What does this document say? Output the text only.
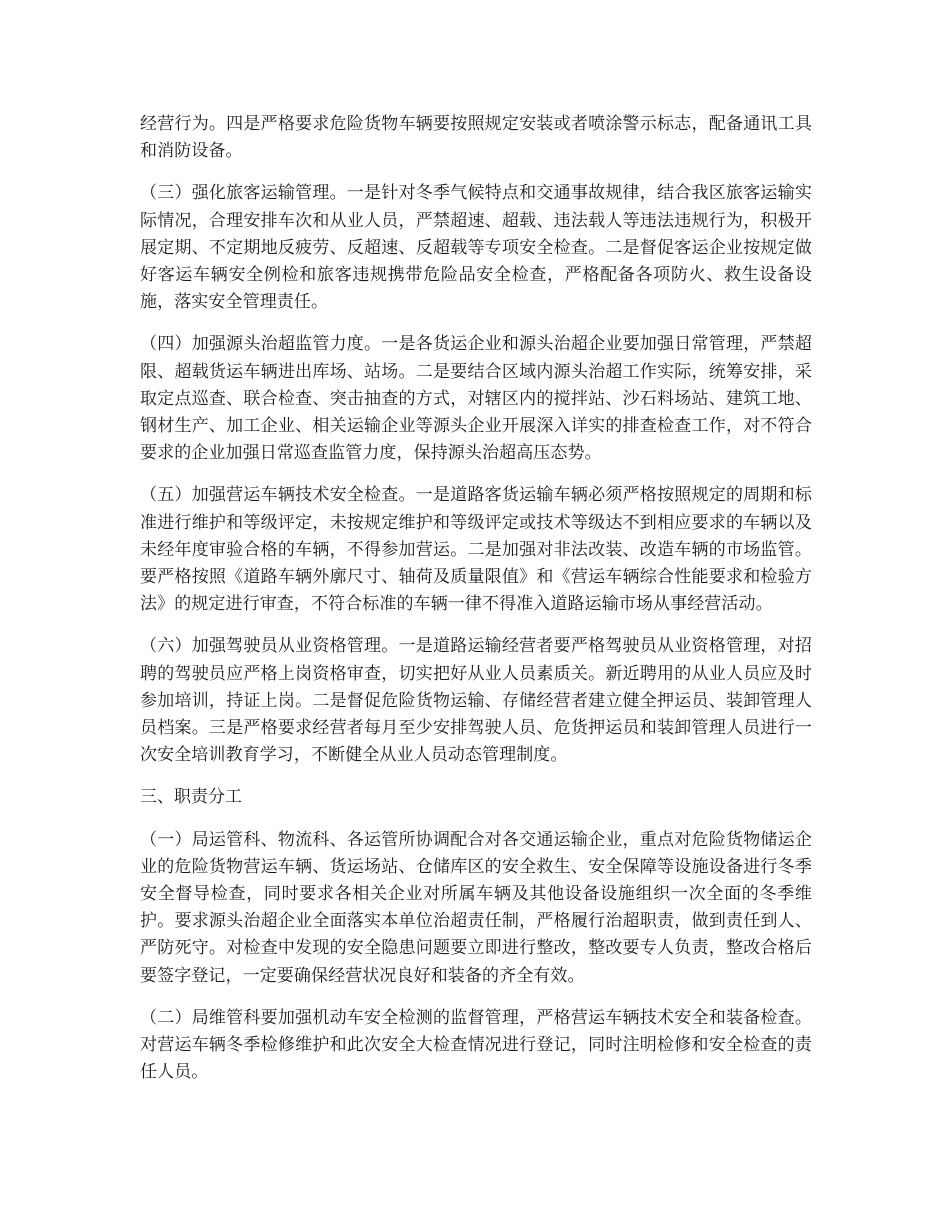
经营行为。四是严格要求危险货物车辆要按照规定安装或者喷涂警示标志，配备通讯工具和消防设备。

（三）强化旅客运输管理。一是针对冬季气候特点和交通事故规律，结合我区旅客运输实际情况，合理安排车次和从业人员，严禁超速、超载、违法载人等违法违规行为，积极开展定期、不定期地反疲劳、反超速、反超载等专项安全检查。二是督促客运企业按规定做好客运车辆安全例检和旅客违规携带危险品安全检查，严格配备各项防火、救生设备设施，落实安全管理责任。

（四）加强源头治超监管力度。一是各货运企业和源头治超企业要加强日常管理，严禁超限、超载货运车辆进出库场、站场。二是要结合区域内源头治超工作实际，统筹安排，采取定点巡查、联合检查、突击抽查的方式，对辖区内的搅拌站、沙石料场站、建筑工地、钢材生产、加工企业、相关运输企业等源头企业开展深入详实的排查检查工作，对不符合要求的企业加强日常巡查监管力度，保持源头治超高压态势。

（五）加强营运车辆技术安全检查。一是道路客货运输车辆必须严格按照规定的周期和标准进行维护和等级评定，未按规定维护和等级评定或技术等级达不到相应要求的车辆以及未经年度审验合格的车辆，不得参加营运。二是加强对非法改装、改造车辆的市场监管。要严格按照《道路车辆外廓尺寸、轴荷及质量限值》和《营运车辆综合性能要求和检验方法》的规定进行审查，不符合标准的车辆一律不得准入道路运输市场从事经营活动。

（六）加强驾驶员从业资格管理。一是道路运输经营者要严格驾驶员从业资格管理，对招聘的驾驶员应严格上岗资格审查，切实把好从业人员素质关。新近聘用的从业人员应及时参加培训，持证上岗。二是督促危险货物运输、存储经营者建立健全押运员、装卸管理人员档案。三是严格要求经营者每月至少安排驾驶人员、危货押运员和装卸管理人员进行一次安全培训教育学习，不断健全从业人员动态管理制度。

三、职责分工

（一）局运管科、物流科、各运管所协调配合对各交通运输企业，重点对危险货物储运企业的危险货物营运车辆、货运场站、仓储库区的安全救生、安全保障等设施设备进行冬季安全督导检查，同时要求各相关企业对所属车辆及其他设备设施组织一次全面的冬季维护。要求源头治超企业全面落实本单位治超责任制，严格履行治超职责，做到责任到人、严防死守。对检查中发现的安全隐患问题要立即进行整改，整改要专人负责，整改合格后要签字登记，一定要确保经营状况良好和装备的齐全有效。

（二）局维管科要加强机动车安全检测的监督管理，严格营运车辆技术安全和装备检查。对营运车辆冬季检修维护和此次安全大检查情况进行登记，同时注明检修和安全检查的责任人员。
